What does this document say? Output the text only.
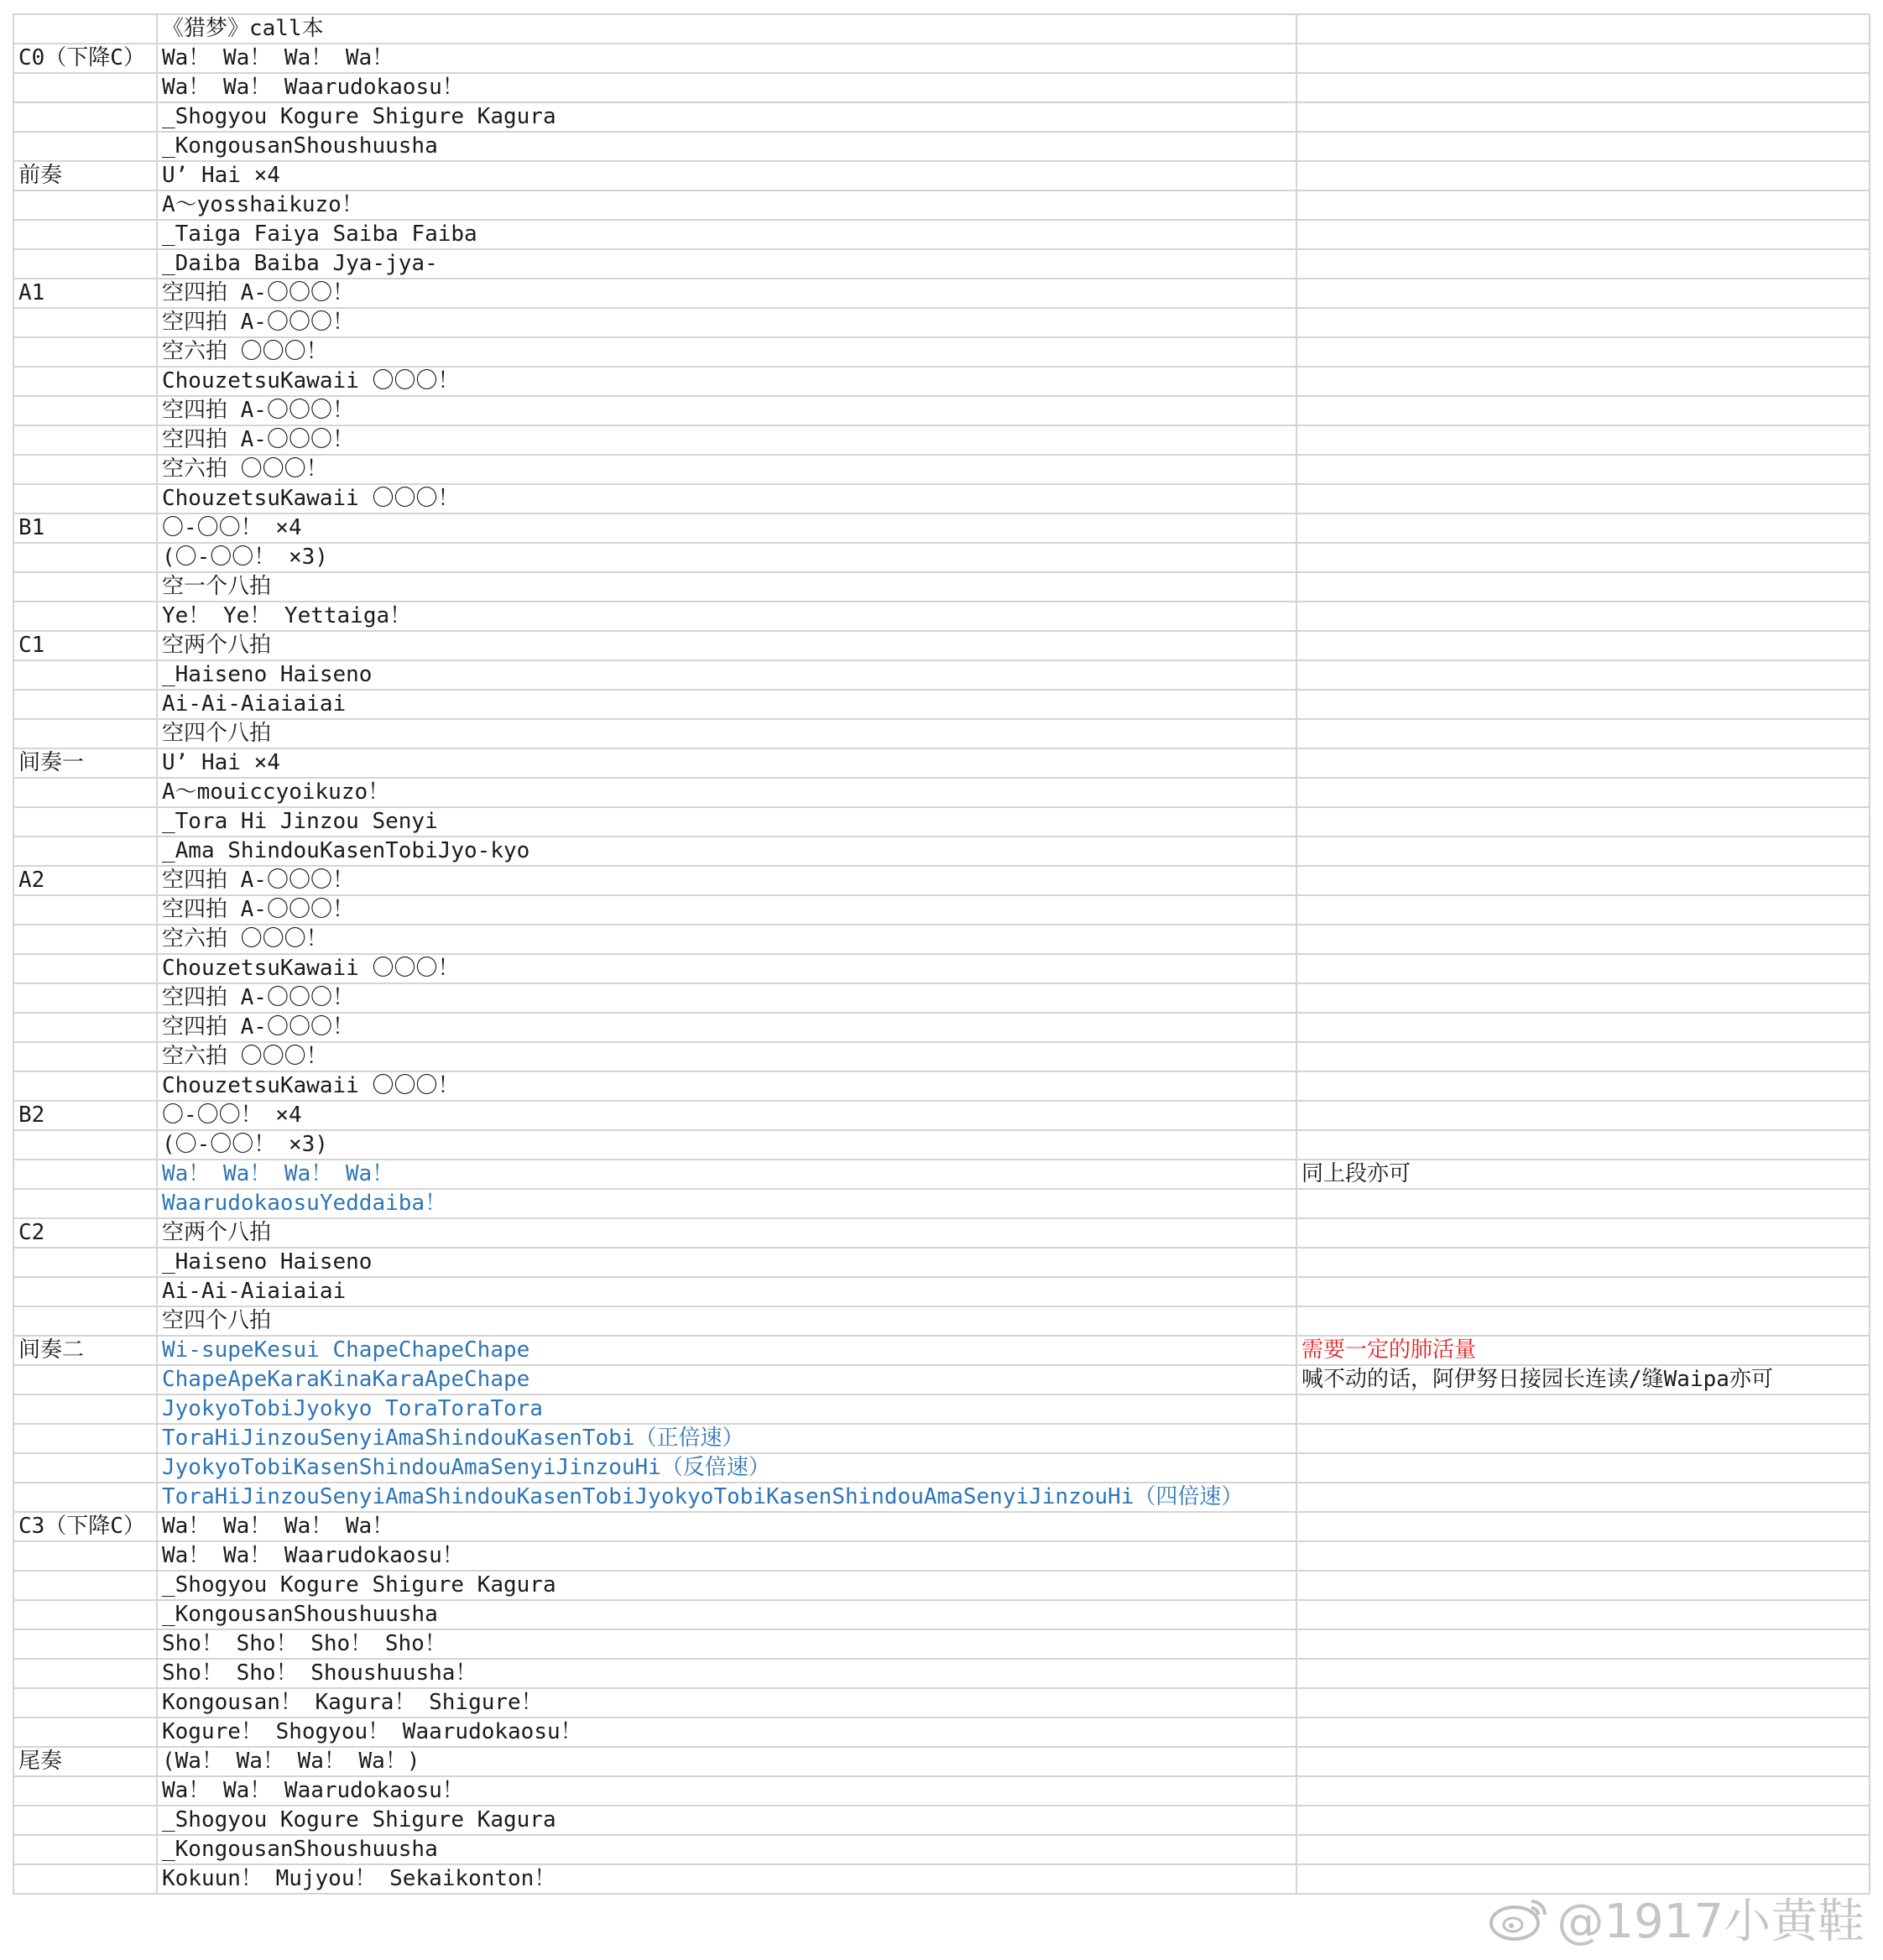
	《猎梦》call本	
C0（下降C）	Wa！ Wa！ Wa！ Wa！	
	Wa！ Wa！ Waarudokaosu！	
	_Shogyou Kogure Shigure Kagura	
	_KongousanShoushuusha	
前奏	U’ Hai ×4	
	A～yosshaikuzo！	
	_Taiga Faiya Saiba Faiba	
	_Daiba Baiba Jya-jya-	
A1	空四拍 A-〇〇〇！	
	空四拍 A-〇〇〇！	
	空六拍 〇〇〇！	
	ChouzetsuKawaii 〇〇〇！	
	空四拍 A-〇〇〇！	
	空四拍 A-〇〇〇！	
	空六拍 〇〇〇！	
	ChouzetsuKawaii 〇〇〇！	
B1	〇-〇〇！ ×4	
	(〇-〇〇！ ×3)	
	空一个八拍	
	Ye！ Ye！ Yettaiga！	
C1	空两个八拍	
	_Haiseno Haiseno	
	Ai-Ai-Aiaiaiai	
	空四个八拍	
间奏一	U’ Hai ×4	
	A～mouiccyoikuzo！	
	_Tora Hi Jinzou Senyi	
	_Ama ShindouKasenTobiJyo-kyo	
A2	空四拍 A-〇〇〇！	
	空四拍 A-〇〇〇！	
	空六拍 〇〇〇！	
	ChouzetsuKawaii 〇〇〇！	
	空四拍 A-〇〇〇！	
	空四拍 A-〇〇〇！	
	空六拍 〇〇〇！	
	ChouzetsuKawaii 〇〇〇！	
B2	〇-〇〇！ ×4	
	(〇-〇〇！ ×3)	
	Wa！ Wa！ Wa！ Wa！	同上段亦可
	WaarudokaosuYeddaiba！	
C2	空两个八拍	
	_Haiseno Haiseno	
	Ai-Ai-Aiaiaiai	
	空四个八拍	
间奏二	Wi-supeKesui ChapeChapeChape	需要一定的肺活量
	ChapeApeKaraKinaKaraApeChape	喊不动的话，阿伊努日接园长连读/缝Waipa亦可
	JyokyoTobiJyokyo ToraToraTora	
	ToraHiJinzouSenyiAmaShindouKasenTobi（正倍速）	
	JyokyoTobiKasenShindouAmaSenyiJinzouHi（反倍速）	
	ToraHiJinzouSenyiAmaShindouKasenTobiJyokyoTobiKasenShindouAmaSenyiJinzouHi（四倍速）	
C3（下降C）	Wa！ Wa！ Wa！ Wa！	
	Wa！ Wa！ Waarudokaosu！	
	_Shogyou Kogure Shigure Kagura	
	_KongousanShoushuusha	
	Sho！ Sho！ Sho！ Sho！	
	Sho！ Sho！ Shoushuusha！	
	Kongousan！ Kagura！ Shigure！	
	Kogure！ Shogyou！ Waarudokaosu！	
尾奏	(Wa！ Wa！ Wa！ Wa！)	
	Wa！ Wa！ Waarudokaosu！	
	_Shogyou Kogure Shigure Kagura	
	_KongousanShoushuusha	
	Kokuun！ Mujyou！ Sekaikonton！	
@1917小黄鞋
